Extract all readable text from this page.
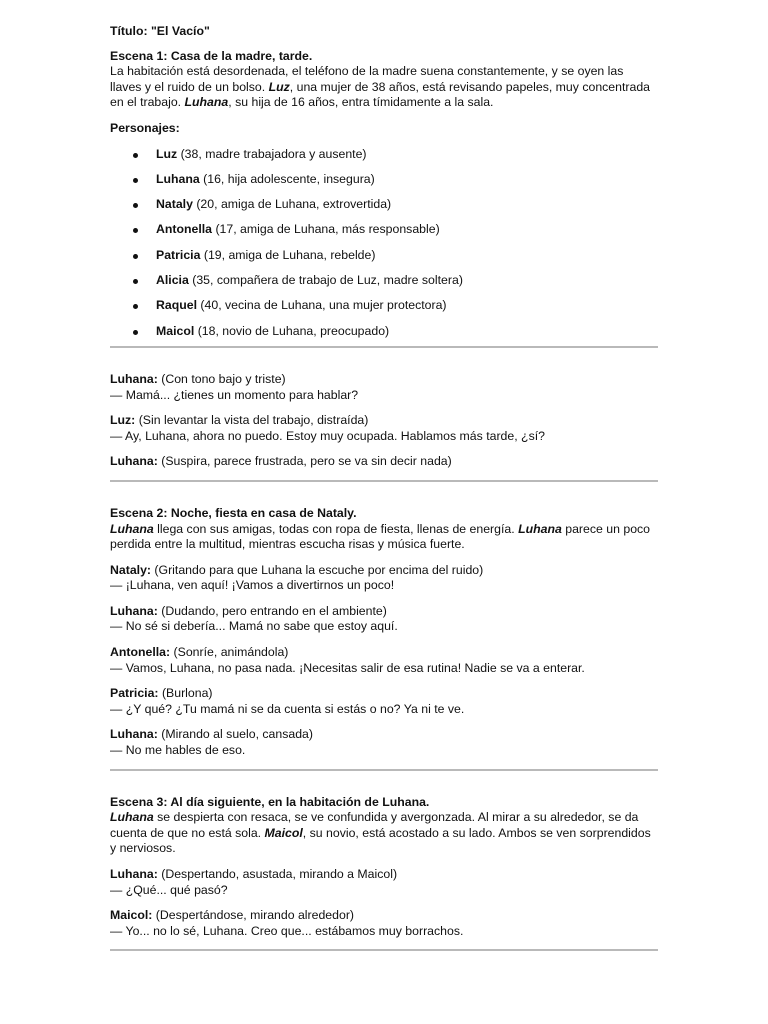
Título: "El Vacío"

Escena 1: Casa de la madre, tarde.

La habitación está desordenada, el teléfono de la madre suena constantemente, y se oyen las llaves y el ruido de un bolso. Luz, una mujer de 38 años, está revisando papeles, muy concentrada en el trabajo. Luhana, su hija de 16 años, entra tímidamente a la sala.

Personajes:

Luz (38, madre trabajadora y ausente)
Luhana (16, hija adolescente, insegura)
Nataly (20, amiga de Luhana, extrovertida)
Antonella (17, amiga de Luhana, más responsable)
Patricia (19, amiga de Luhana, rebelde)
Alicia (35, compañera de trabajo de Luz, madre soltera)
Raquel (40, vecina de Luhana, una mujer protectora)
Maicol (18, novio de Luhana, preocupado)

Luhana: (Con tono bajo y triste)

— Mamá... ¿tienes un momento para hablar?

Luz: (Sin levantar la vista del trabajo, distraída)

— Ay, Luhana, ahora no puedo. Estoy muy ocupada. Hablamos más tarde, ¿sí?

Luhana: (Suspira, parece frustrada, pero se va sin decir nada)

Escena 2: Noche, fiesta en casa de Nataly.

Luhana llega con sus amigas, todas con ropa de fiesta, llenas de energía. Luhana parece un poco perdida entre la multitud, mientras escucha risas y música fuerte.

Nataly: (Gritando para que Luhana la escuche por encima del ruido)

— ¡Luhana, ven aquí! ¡Vamos a divertirnos un poco!

Luhana: (Dudando, pero entrando en el ambiente)

— No sé si debería... Mamá no sabe que estoy aquí.

Antonella: (Sonríe, animándola)

— Vamos, Luhana, no pasa nada. ¡Necesitas salir de esa rutina! Nadie se va a enterar.

Patricia: (Burlona)

— ¿Y qué? ¿Tu mamá ni se da cuenta si estás o no? Ya ni te ve.

Luhana: (Mirando al suelo, cansada)

— No me hables de eso.

Escena 3: Al día siguiente, en la habitación de Luhana.

Luhana se despierta con resaca, se ve confundida y avergonzada. Al mirar a su alrededor, se da cuenta de que no está sola. Maicol, su novio, está acostado a su lado. Ambos se ven sorprendidos y nerviosos.

Luhana: (Despertando, asustada, mirando a Maicol)

— ¿Qué... qué pasó?

Maicol: (Despertándose, mirando alrededor)

— Yo... no lo sé, Luhana. Creo que... estábamos muy borrachos.
